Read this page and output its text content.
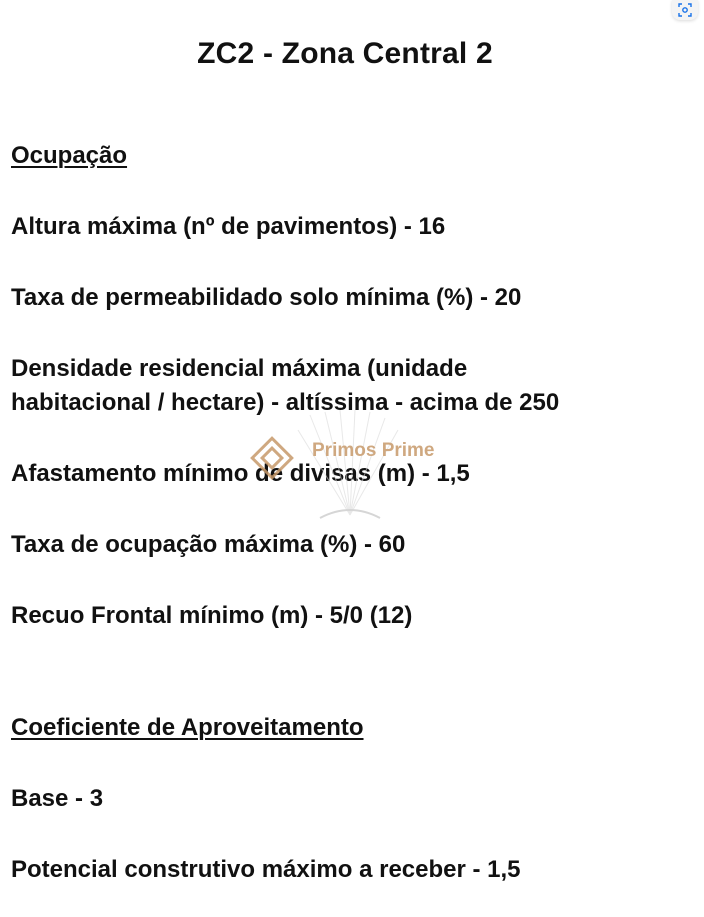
ZC2 - Zona Central 2
Ocupação
Altura máxima (nº de pavimentos) - 16
Taxa de permeabilidado solo mínima (%) - 20
Densidade residencial máxima (unidade
habitacional / hectare) - altíssima - acima de 250
Afastamento mínimo de divisas (m) - 1,5
Taxa de ocupação máxima (%) - 60
Recuo Frontal mínimo (m) - 5/0 (12)
Coeficiente de Aproveitamento
Base - 3
Potencial construtivo máximo a receber - 1,5
Primos Prime
